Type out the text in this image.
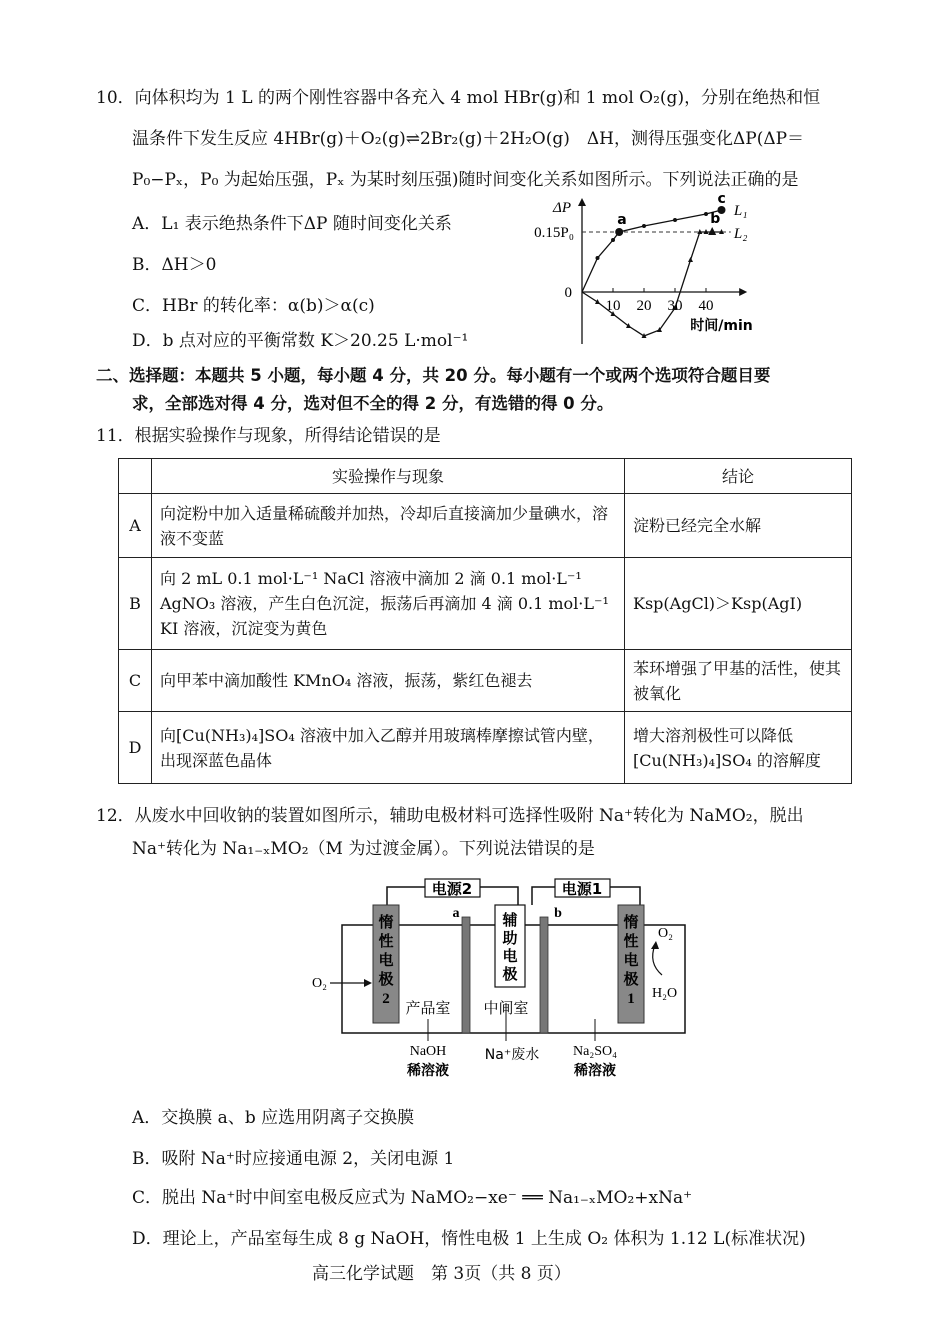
10．向体积均为 1 L 的两个刚性容器中各充入 4 mol HBr(g)和 1 mol O₂(g)，分别在绝热和恒
温条件下发生反应 4HBr(g)＋O₂(g)⇌2Br₂(g)＋2H₂O(g)　ΔH，测得压强变化ΔP(ΔP＝
P₀−Pₓ，P₀ 为起始压强，Pₓ 为某时刻压强)随时间变化关系如图所示。下列说法正确的是
A．L₁ 表示绝热条件下ΔP 随时间变化关系
B．ΔH＞0
C．HBr 的转化率：α(b)＞α(c)
D．b 点对应的平衡常数 K＞20.25 L·mol⁻¹
ΔP
0.15P₀
0
10 20 30 40
时间/min
a	b
c
L₁
L₂
二、选择题：本题共 5 小题，每小题 4 分，共 20 分。每小题有一个或两个选项符合题目要
求，全部选对得 4 分，选对但不全的得 2 分，有选错的得 0 分。
11．根据实验操作与现象，所得结论错误的是
	实验操作与现象	结论
A	向淀粉中加入适量稀硫酸并加热，冷却后直接滴加少量碘水，溶液不变蓝	淀粉已经完全水解
B	向 2 mL 0.1 mol·L⁻¹ NaCl 溶液中滴加 2 滴 0.1 mol·L⁻¹ AgNO₃ 溶液，产生白色沉淀，振荡后再滴加 4 滴 0.1 mol·L⁻¹ KI 溶液，沉淀变为黄色	Ksp(AgCl)＞Ksp(AgI)
C	向甲苯中滴加酸性 KMnO₄ 溶液，振荡，紫红色褪去	苯环增强了甲基的活性，使其被氧化
D	向[Cu(NH₃)₄]SO₄ 溶液中加入乙醇并用玻璃棒摩擦试管内壁，出现深蓝色晶体	增大溶剂极性可以降低[Cu(NH₃)₄]SO₄ 的溶解度
12．从废水中回收钠的装置如图所示，辅助电极材料可选择性吸附 Na⁺转化为 NaMO₂，脱出
Na⁺转化为 Na₁₋ₓMO₂（M 为过渡金属）。下列说法错误的是
电源2	电源1
a	b
惰
性
电
极
2
辅
助
电
极
惰
性
电
极
1
产品室 中间室
O₂
O₂
H₂O
NaOH
稀溶液
Na⁺废水 Na₂SO₄
稀溶液
A．交换膜 a、b 应选用阴离子交换膜
B．吸附 Na⁺时应接通电源 2，关闭电源 1
C．脱出 Na⁺时中间室电极反应式为 NaMO₂−xe⁻ ══ Na₁₋ₓMO₂+xNa⁺
D．理论上，产品室每生成 8 g NaOH，惰性电极 1 上生成 O₂ 体积为 1.12 L(标准状况)
高三化学试题　第 3页（共 8 页）
